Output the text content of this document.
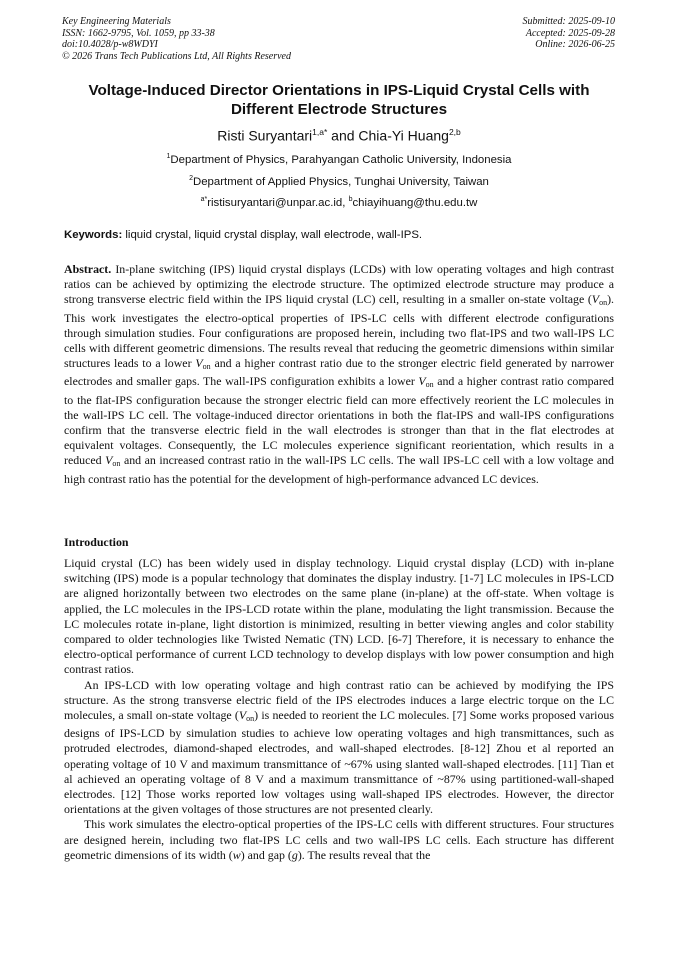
Key Engineering Materials
ISSN: 1662-9795, Vol. 1059, pp 33-38
doi:10.4028/p-w8WDYI
© 2026 Trans Tech Publications Ltd, All Rights Reserved
Submitted: 2025-09-10
Accepted: 2025-09-28
Online: 2026-06-25
Voltage-Induced Director Orientations in IPS-Liquid Crystal Cells with
Different Electrode Structures
Risti Suryantari$^{1,a*}$ and Chia-Yi Huang$^{2,b}$
$^1$Department of Physics, Parahyangan Catholic University, Indonesia
$^2$Department of Applied Physics, Tunghai University, Taiwan
$^{a*}$ristisuryantari@unpar.ac.id, $^b$chiayihuang@thu.edu.tw
Keywords: liquid crystal, liquid crystal display, wall electrode, wall-IPS.

Abstract. In-plane switching (IPS) liquid crystal displays (LCDs) with low operating voltages and high contrast ratios can be achieved by optimizing the electrode structure. The optimized electrode structure may produce a strong transverse electric field within the IPS liquid crystal (LC) cell, resulting in a smaller on-state voltage $(V_{on})$. This work investigates the electro-optical properties of IPS-LC cells with different electrode configurations through simulation studies. Four configurations are proposed herein, including two flat-IPS and two wall-IPS LC cells with different geometric dimensions. The results reveal that reducing the geometric dimensions within similar structures leads to a lower $V_{on}$ and a higher contrast ratio due to the stronger electric field generated by narrower electrodes and smaller gaps. The wall-IPS configuration exhibits a lower $V_{on}$ and a higher contrast ratio compared to the flat-IPS configuration because the stronger electric field can more effectively reorient the LC molecules in the wall-IPS LC cell. The voltage-induced director orientations in both the flat-IPS and wall-IPS configurations confirm that the transverse electric field in the wall electrodes is stronger than that in the flat electrodes at equivalent voltages. Consequently, the LC molecules experience significant reorientation, which results in a reduced $V_{on}$ and an increased contrast ratio in the wall-IPS LC cells. The wall IPS-LC cell with a low voltage and high contrast ratio has the potential for the development of high-performance advanced LC devices.

Introduction

Liquid crystal (LC) has been widely used in display technology. Liquid crystal display (LCD) with in-plane switching (IPS) mode is a popular technology that dominates the display industry. [1-7] LC molecules in IPS-LCD are aligned horizontally between two electrodes on the same plane (in-plane) at the off-state. When voltage is applied, the LC molecules in the IPS-LCD rotate within the plane, modulating the light transmission. Because the LC molecules rotate in-plane, light distortion is minimized, resulting in better viewing angles and color stability compared to older technologies like Twisted Nematic (TN) LCD. [6-7] Therefore, it is necessary to enhance the electro-optical performance of current LCD technology to develop displays with low power consumption and high contrast ratios.

An IPS-LCD with low operating voltage and high contrast ratio can be achieved by modifying the IPS structure. As the strong transverse electric field of the IPS electrodes induces a large electric torque on the LC molecules, a small on-state voltage $(V_{on})$ is needed to reorient the LC molecules. [7] Some works proposed various designs of IPS-LCD by simulation studies to achieve low operating voltages and high transmittances, such as protruded electrodes, diamond-shaped electrodes, and wall-shaped electrodes. [8-12] Zhou et al reported an operating voltage of 10 V and maximum transmittance of ~67% using slanted wall-shaped electrodes. [11] Tian et al achieved an operating voltage of 8 V and a maximum transmittance of ~87% using partitioned-wall-shaped electrodes. [12] Those works reported low voltages using wall-shaped IPS electrodes. However, the director orientations at the given voltages of those structures are not presented clearly.

This work simulates the electro-optical properties of the IPS-LC cells with different structures. Four structures are designed herein, including two flat-IPS LC cells and two wall-IPS LC cells. Each structure has different geometric dimensions of its width (w) and gap (g). The results reveal that the
